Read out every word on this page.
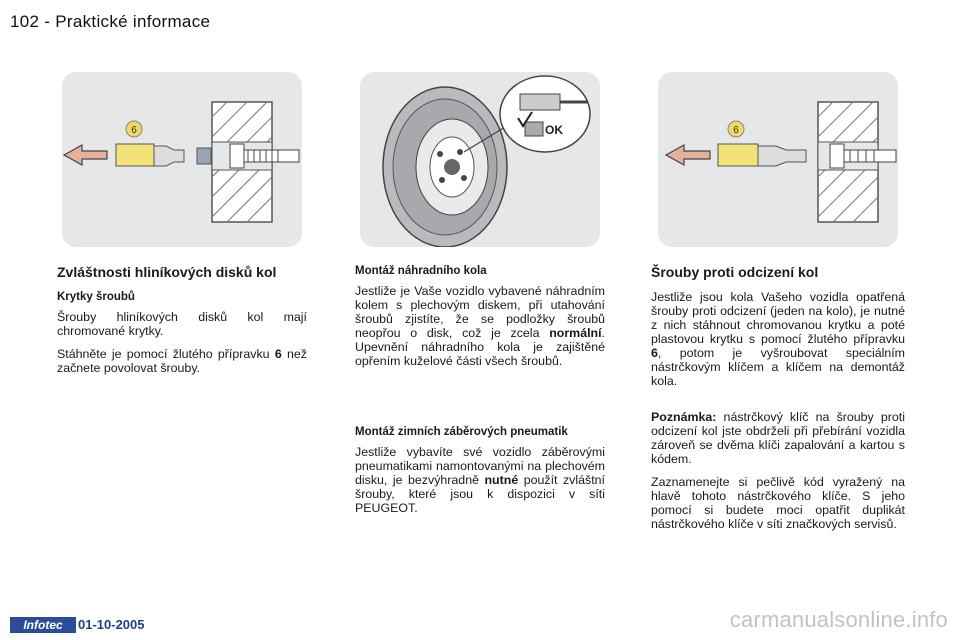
102 - Praktické informace
6	OK	6
Zvláštnosti hliníkových disků kol
Krytky šroubů

Šrouby hliníkových disků kol mají chromované krytky.

Stáhněte je pomocí žlutého přípravku 6 než začnete povolovat šrouby.

Montáž náhradního kola

Jestliže je Vaše vozidlo vybavené náhradním kolem s plechovým diskem, při utahování šroubů zjistíte, že se podložky šroubů neopřou o disk, což je zcela normální. Upevnění náhradního kola je zajištěné opřením kuželové části všech šroubů.

Montáž zimních záběrových pneumatik

Jestliže vybavíte své vozidlo záběrovými pneumatikami namontovanými na plechovém disku, je bezvýhradně nutné použít zvláštní šrouby, které jsou k dispozici v síti PEUGEOT.

Šrouby proti odcizení kol

Jestliže jsou kola Vašeho vozidla opatřená šrouby proti odcizení (jeden na kolo), je nutné z nich stáhnout chromovanou krytku a poté plastovou krytku s pomocí žlutého přípravku 6, potom je vyšroubovat speciálním nástrčkovým klíčem a klíčem na demontáž kola.

Poznámka: nástrčkový klíč na šrouby proti odcizení kol jste obdrželi při přebírání vozidla zároveň se dvěma klíči zapalování a kartou s kódem.

Zaznamenejte si pečlivě kód vyražený na hlavě tohoto nástrčkového klíče. S jeho pomocí si budete moci opatřit duplikát nástrčkového klíče v síti značkových servisů.

Infotec	01-10-2005	carmanualsonline.info
